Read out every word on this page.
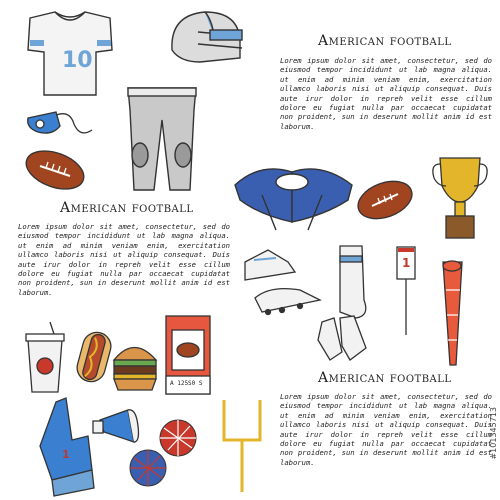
10
1
1
A 125S0 S
American football
Lorem ipsum dolor sit amet, consectetur, sed do eiusmod tempor incididunt ut lab magna aliqua. ut enim ad minim veniam enim, exercitation ullamco laboris nisi ut aliquip consequat. Duis aute irur dolor in repreh velit esse cillum dolore eu fugiat nulla par occaecat cupidatat non proident, sun in deserunt mollit anim id est laborum.
American football
Lorem ipsum dolor sit amet, consectetur, sed do eiusmod tempor incididunt ut lab magna aliqua. ut enim ad minim veniam enim, exercitation ullamco laboris nisi ut aliquip consequat. Duis aute irur dolor in repreh velit esse cillum dolore eu fugiat nulla par occaecat cupidatat non proident, sun in deserunt mollit anim id est laborum.
American football
Lorem ipsum dolor sit amet, consectetur, sed do eiusmod tempor incididunt ut lab magna aliqua. ut enim ad minim veniam enim, exercitation ullamco laboris nisi ut aliquip consequat. Duis aute irur dolor in repreh velit esse cillum dolore eu fugiat nulla par occaecat cupidatat non proident, sun in deserunt mollit anim id est laborum.
#101345713
